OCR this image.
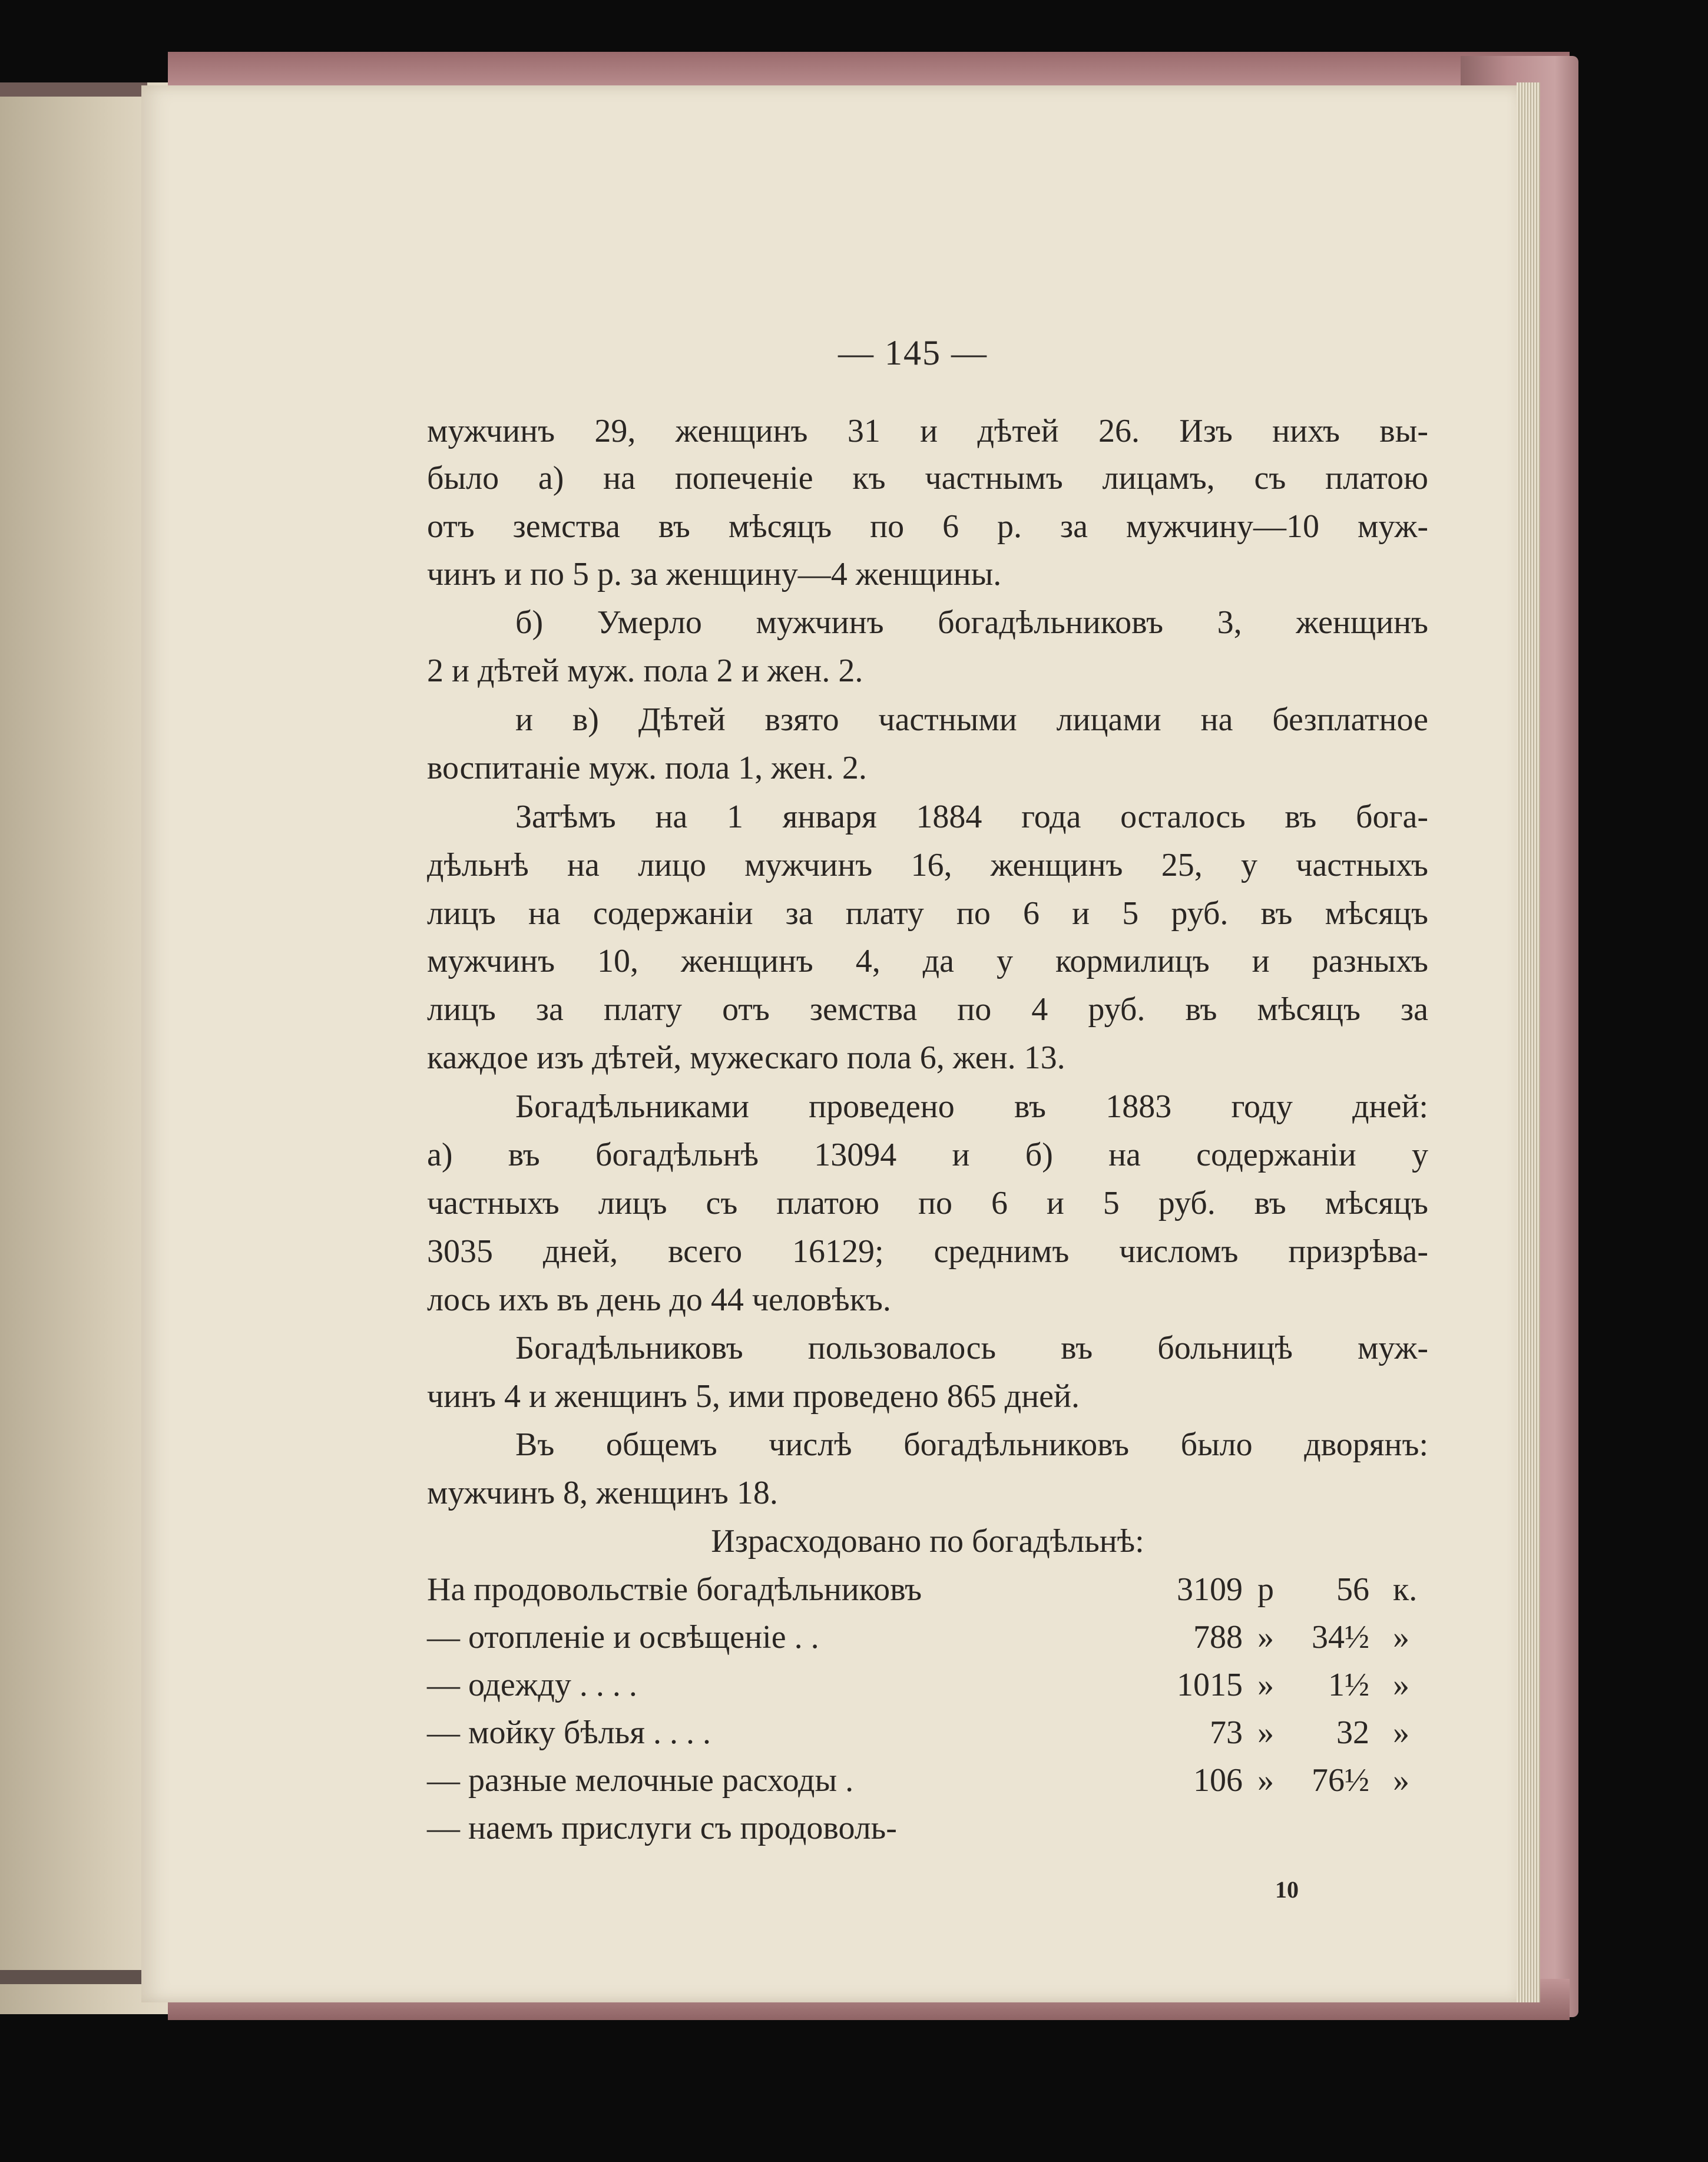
— 145 —
мужчинъ 29, женщинъ 31 и дѣтей 26. Изъ нихъ вы-
было а) на попеченіе къ частнымъ лицамъ, съ платою
отъ земства въ мѣсяцъ по 6 р. за мужчину—10 муж-
чинъ и по 5 р. за женщину—4 женщины.
б) Умерло мужчинъ богадѣльниковъ 3, женщинъ
2 и дѣтей муж. пола 2 и жен. 2.
и в) Дѣтей взято частными лицами на безплатное
воспитаніе муж. пола 1, жен. 2.
Затѣмъ на 1 января 1884 года осталось въ бога-
дѣльнѣ на лицо мужчинъ 16, женщинъ 25, у частныхъ
лицъ на содержаніи за плату по 6 и 5 руб. въ мѣсяцъ
мужчинъ 10, женщинъ 4, да у кормилицъ и разныхъ
лицъ за плату отъ земства по 4 руб. въ мѣсяцъ за
каждое изъ дѣтей, мужескаго пола 6, жен. 13.
Богадѣльниками проведено въ 1883 году дней:
а) въ богадѣльнѣ 13094 и б) на содержаніи у
частныхъ лицъ съ платою по 6 и 5 руб. въ мѣсяцъ
3035 дней, всего 16129; среднимъ числомъ призрѣва-
лось ихъ въ день до 44 человѣкъ.
Богадѣльниковъ пользовалось въ больницѣ муж-
чинъ 4 и женщинъ 5, ими проведено 865 дней.
Въ общемъ числѣ богадѣльниковъ было дворянъ:
мужчинъ 8, женщинъ 18.
Израсходовано по богадѣльнѣ:
На продовольствіе богадѣльниковъ	3109 р	56 к.
— отопленіе и освѣщеніе . .	788 »	34½ »
— одежду . . . .	1015 »	1½ »
— мойку бѣлья . . . .	73 »	32 »
— разные мелочные расходы .	106 »	76½ »
— наемъ прислуги съ продоволь-
10
